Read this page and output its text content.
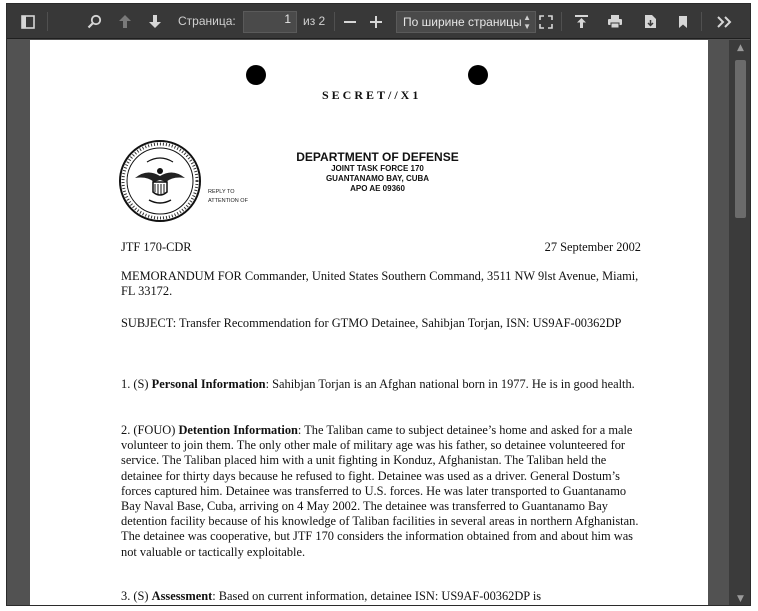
Страница:	1	из 2	По ширине страницы ▲
▼
SECRET//X1
REPLY TO
ATTENTION OF
DEPARTMENT OF DEFENSE
JOINT TASK FORCE 170
GUANTANAMO BAY, CUBA
APO AE 09360
JTF 170-CDR	27 September 2002
MEMORANDUM FOR Commander, United States Southern Command, 3511 NW 9lst Avenue, Miami, FL 33172.
SUBJECT: Transfer Recommendation for GTMO Detainee, Sahibjan Torjan, ISN: US9AF-00362DP
1. (S) Personal Information: Sahibjan Torjan is an Afghan national born in 1977. He is in good health.
2. (FOUO) Detention Information: The Taliban came to subject detainee’s home and asked for a male volunteer to join them. The only other male of military age was his father, so detainee volunteered for service. The Taliban placed him with a unit fighting in Konduz, Afghanistan. The Taliban held the detainee for thirty days because he refused to fight. Detainee was used as a driver. General Dostum’s forces captured him. Detainee was transferred to U.S. forces. He was later transported to Guantanamo Bay Naval Base, Cuba, arriving on 4 May 2002. The detainee was transferred to Guantanamo Bay detention facility because of his knowledge of Taliban facilities in several areas in northern Afghanistan. The detainee was cooperative, but JTF 170 considers the information obtained from and about him was not valuable or tactically exploitable.
3. (S) Assessment: Based on current information, detainee ISN: US9AF-00362DP is
▲
▼
